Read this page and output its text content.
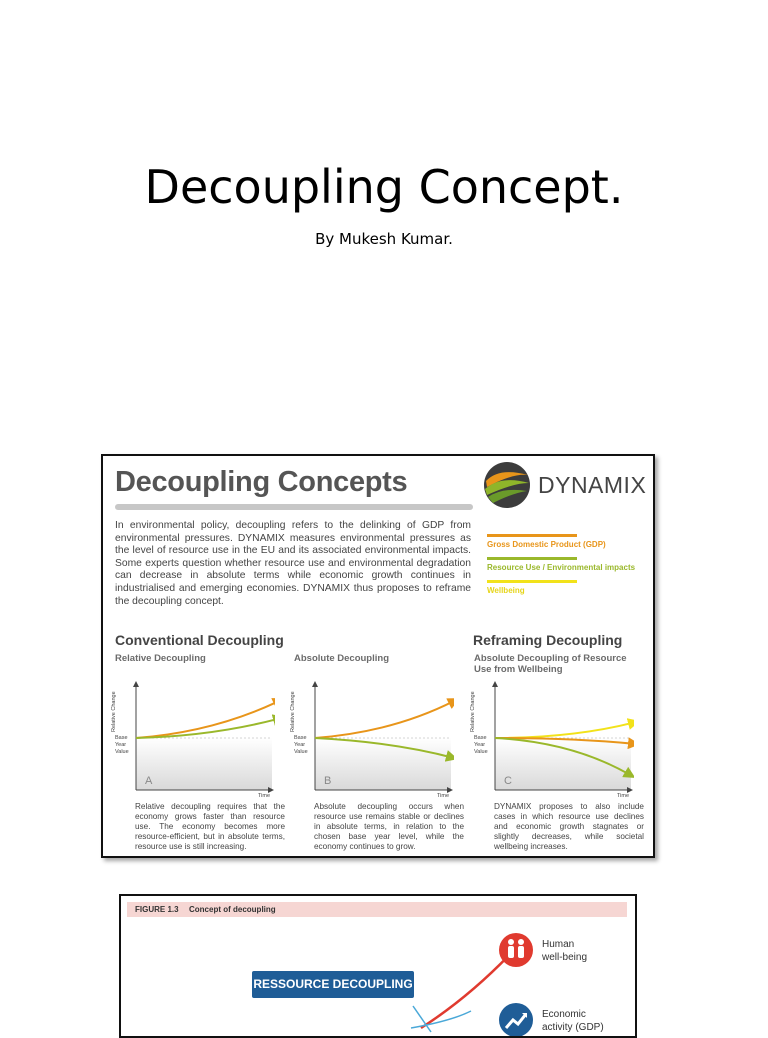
Decoupling Concept.
By Mukesh Kumar.
Decoupling Concepts	DYNAMIX
In environmental policy, decoupling refers to the delinking of GDP from environmental pressures. DYNAMIX measures environmental pressures as the level of resource use in the EU and its associated environmental impacts. Some experts question whether resource use and environmental degradation can decrease in absolute terms while economic growth continues in industrialised and emerging economies. DYNAMIX thus proposes to reframe the decoupling concept.
Gross Domestic Product (GDP)
Resource Use / Environmental impacts
Wellbeing
Conventional Decoupling	Reframing Decoupling
Relative Decoupling	Absolute Decoupling	Absolute Decoupling of Resource Use from Wellbeing
A
Time
Relative Change
Base
Year
Value
B
Time
Relative Change
Base
Year
Value
C
Time
Relative Change
Base
Year
Value
Relative decoupling requires that the economy grows faster than resource use. The economy becomes more resource-efficient, but in absolute terms, resource use is still increasing.
Absolute decoupling occurs when resource use remains stable or declines in absolute terms, in relation to the chosen base year level, while the economy continues to grow.
DYNAMIX proposes to also include cases in which resource use declines and economic growth stagnates or slightly decreases, while societal wellbeing increases.
FIGURE 1.3 Concept of decoupling
RESSOURCE DECOUPLING
Human
well-being
Economic
activity (GDP)
